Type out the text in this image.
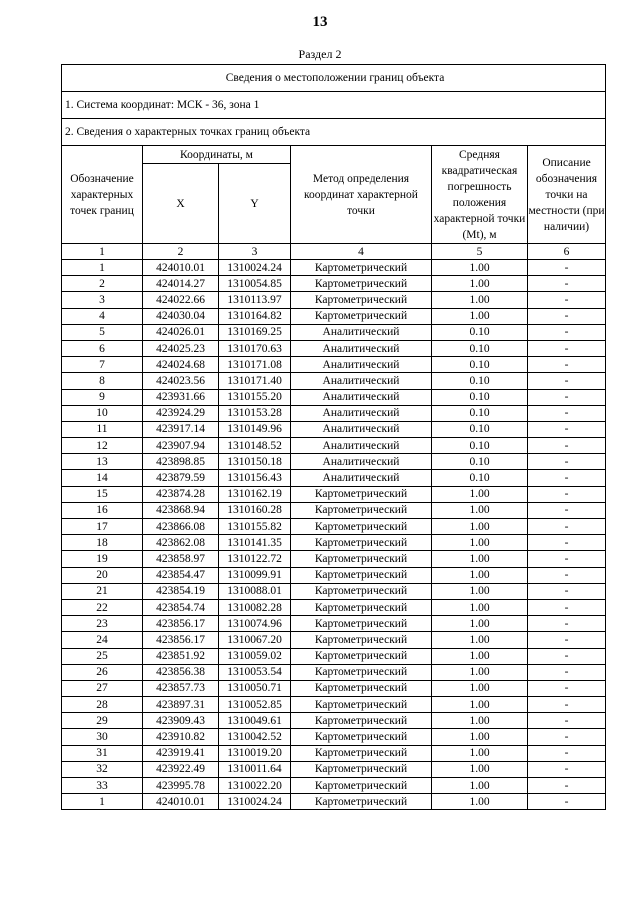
13
Раздел 2
Сведения о местоположении границ объекта					
1. Система координат: МСК - 36, зона 1					
2. Сведения о характерных точках границ объекта					
Обозначение характерных точек границ	Координаты, м		Метод определения координат характерной точки	Средняя квадратическая погрешность положения характерной точки (Mt), м	Описание обозначения точки на местности (при наличии)
	X	Y			
1	2	3	4	5	6
1	424010.01	1310024.24	Картометрический	1.00	-
2	424014.27	1310054.85	Картометрический	1.00	-
3	424022.66	1310113.97	Картометрический	1.00	-
4	424030.04	1310164.82	Картометрический	1.00	-
5	424026.01	1310169.25	Аналитический	0.10	-
6	424025.23	1310170.63	Аналитический	0.10	-
7	424024.68	1310171.08	Аналитический	0.10	-
8	424023.56	1310171.40	Аналитический	0.10	-
9	423931.66	1310155.20	Аналитический	0.10	-
10	423924.29	1310153.28	Аналитический	0.10	-
11	423917.14	1310149.96	Аналитический	0.10	-
12	423907.94	1310148.52	Аналитический	0.10	-
13	423898.85	1310150.18	Аналитический	0.10	-
14	423879.59	1310156.43	Аналитический	0.10	-
15	423874.28	1310162.19	Картометрический	1.00	-
16	423868.94	1310160.28	Картометрический	1.00	-
17	423866.08	1310155.82	Картометрический	1.00	-
18	423862.08	1310141.35	Картометрический	1.00	-
19	423858.97	1310122.72	Картометрический	1.00	-
20	423854.47	1310099.91	Картометрический	1.00	-
21	423854.19	1310088.01	Картометрический	1.00	-
22	423854.74	1310082.28	Картометрический	1.00	-
23	423856.17	1310074.96	Картометрический	1.00	-
24	423856.17	1310067.20	Картометрический	1.00	-
25	423851.92	1310059.02	Картометрический	1.00	-
26	423856.38	1310053.54	Картометрический	1.00	-
27	423857.73	1310050.71	Картометрический	1.00	-
28	423897.31	1310052.85	Картометрический	1.00	-
29	423909.43	1310049.61	Картометрический	1.00	-
30	423910.82	1310042.52	Картометрический	1.00	-
31	423919.41	1310019.20	Картометрический	1.00	-
32	423922.49	1310011.64	Картометрический	1.00	-
33	423995.78	1310022.20	Картометрический	1.00	-
1	424010.01	1310024.24	Картометрический	1.00	-
